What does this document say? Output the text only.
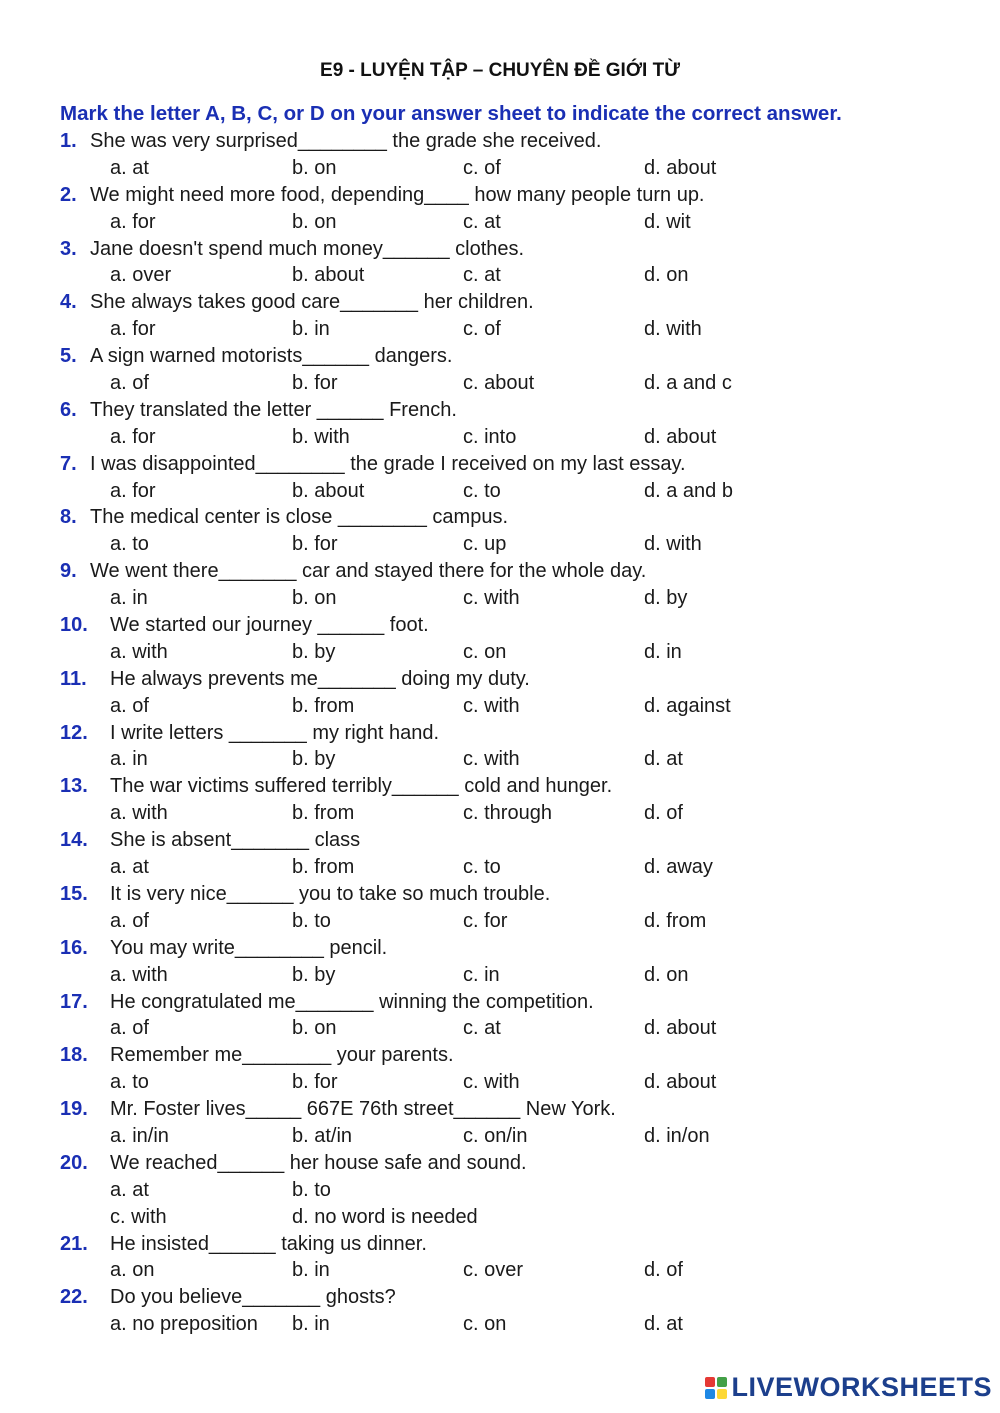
E9 - LUYỆN TẬP – CHUYÊN ĐỀ GIỚI TỪ
Mark the letter A, B, C, or D on your answer sheet to indicate the correct answer.
1. She was very surprised________ the grade she received.
a. at	b. on	c. of	d. about
2. We might need more food, depending____ how many people turn up.
a. for	b. on	c. at	d. wit
3. Jane doesn't spend much money______ clothes.
a. over	b. about	c. at	d. on
4. She always takes good care_______ her children.
a. for	b. in	c. of	d. with
5. A sign warned motorists______ dangers.
a. of	b. for	c. about	d. a and c
6. They translated the letter ______ French.
a. for	b. with	c. into	d. about
7. I was disappointed________ the grade I received on my last essay.
a. for	b. about	c. to	d. a and b
8. The medical center is close ________ campus.
a. to	b. for	c. up	d. with
9. We went there_______ car and stayed there for the whole day.
a. in	b. on	c. with	d. by
10. We started our journey ______ foot.
a. with	b. by	c. on	d. in
11. He always prevents me_______ doing my duty.
a. of	b. from	c. with	d. against
12. I write letters _______ my right hand.
a. in	b. by	c. with	d. at
13. The war victims suffered terribly______ cold and hunger.
a. with	b. from	c. through	d. of
14. She is absent_______ class
a. at	b. from	c. to	d. away
15. It is very nice______ you to take so much trouble.
a. of	b. to	c. for	d. from
16. You may write________ pencil.
a. with	b. by	c. in	d. on
17. He congratulated me_______ winning the competition.
a. of	b. on	c. at	d. about
18. Remember me________ your parents.
a. to	b. for	c. with	d. about
19. Mr. Foster lives_____ 667E 76th street______ New York.
a. in/in	b. at/in	c. on/in	d. in/on
20. We reached______ her house safe and sound.
a. at	b. to
c. with	d. no word is needed
21. He insisted______ taking us dinner.
a. on	b. in	c. over	d. of
22. Do you believe_______ ghosts?
a. no preposition b. in	c. on	d. at
LIVEWORKSHEETS
